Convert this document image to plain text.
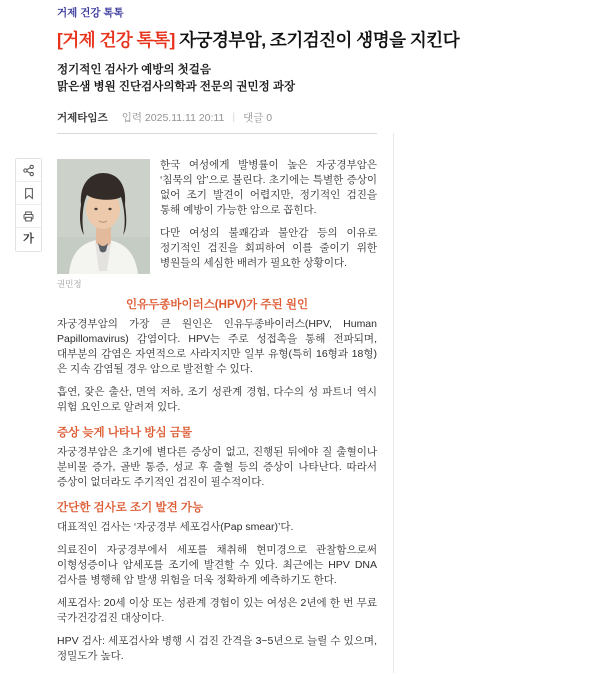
가
거제 건강 톡톡
[거제 건강 톡톡] 자궁경부암, 조기검진이 생명을 지킨다
정기적인 검사가 예방의 첫걸음
맑은샘 병원 진단검사의학과 전문의 권민정 과장
거제타임즈 입력 2025.11.11 20:11 | 댓글 0
권민정

한국 여성에게 발병률이 높은 자궁경부암은 ‘침묵의 암’으로 불린다. 초기에는 특별한 증상이 없어 조기 발견이 어렵지만, 정기적인 검진을 통해 예방이 가능한 암으로 꼽힌다.

다만 여성의 불쾌감과 불안감 등의 이유로 정기적인 검진을 회피하여 이를 줄이기 위한 병원들의 세심한 배려가 필요한 상황이다.

인유두종바이러스(HPV)가 주된 원인

자궁경부암의 가장 큰 원인은 인유두종바이러스(HPV, Human Papillomavirus) 감염이다. HPV는 주로 성접촉을 통해 전파되며, 대부분의 감염은 자연적으로 사라지지만 일부 유형(특히 16형과 18형)은 지속 감염될 경우 암으로 발전할 수 있다.

흡연, 잦은 출산, 면역 저하, 조기 성관계 경험, 다수의 성 파트너 역시 위험 요인으로 알려져 있다.

증상 늦게 나타나 방심 금물

자궁경부암은 초기에 별다른 증상이 없고, 진행된 뒤에야 질 출혈이나 분비물 증가, 골반 통증, 성교 후 출혈 등의 증상이 나타난다. 따라서 증상이 없더라도 주기적인 검진이 필수적이다.

간단한 검사로 조기 발견 가능

대표적인 검사는 ‘자궁경부 세포검사(Pap smear)’다.

의료진이 자궁경부에서 세포를 채취해 현미경으로 관찰함으로써 이형성증이나 암세포를 조기에 발견할 수 있다. 최근에는 HPV DNA 검사를 병행해 암 발생 위험을 더욱 정확하게 예측하기도 한다.

세포검사: 20세 이상 또는 성관계 경험이 있는 여성은 2년에 한 번 무료 국가건강검진 대상이다.

HPV 검사: 세포검사와 병행 시 검진 간격을 3~5년으로 늘릴 수 있으며, 정밀도가 높다.
